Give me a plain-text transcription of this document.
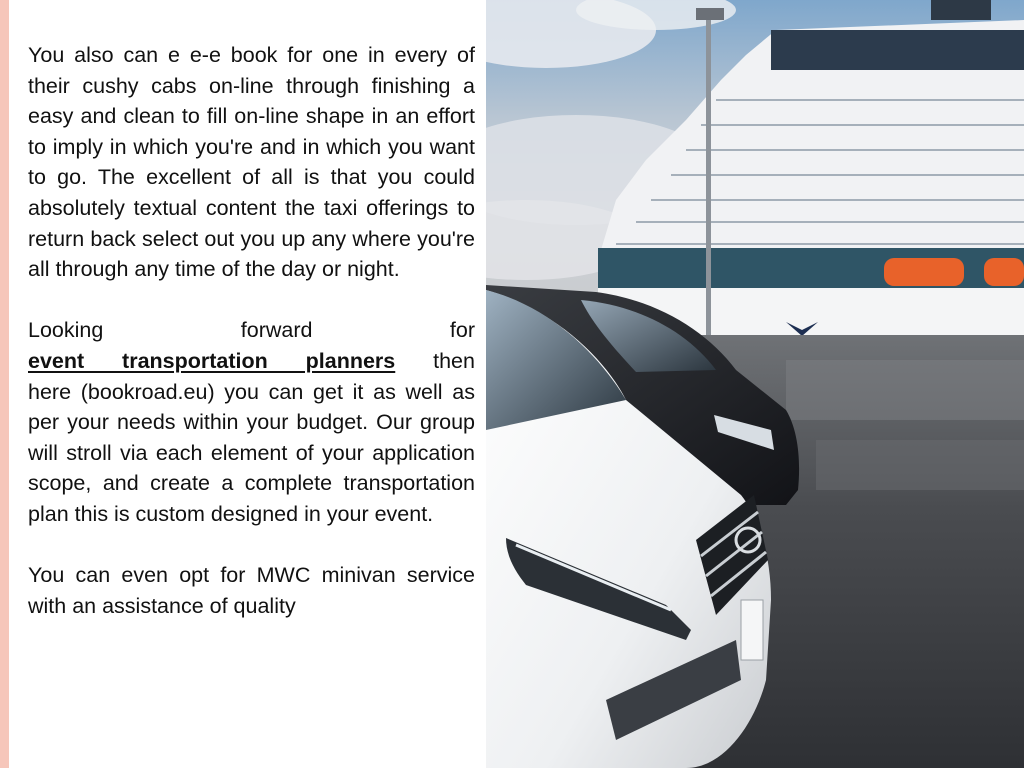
You also can e e-e book for one in every of their cushy cabs on-line through finishing a easy and clean to fill on-line shape in an effort to imply in which you're and in which you want to go. The excellent of all is that you could absolutely textual content the taxi offerings to return back select out you up any where you're all through any time of the day or night.

Looking	forward	for
event transportation planners then
here (bookroad.eu) you can get it as well as per your needs within your budget. Our group will stroll via each element of your application scope, and create a complete transportation plan this is custom designed in your event.

You can even opt for MWC minivan service with an assistance of quality
